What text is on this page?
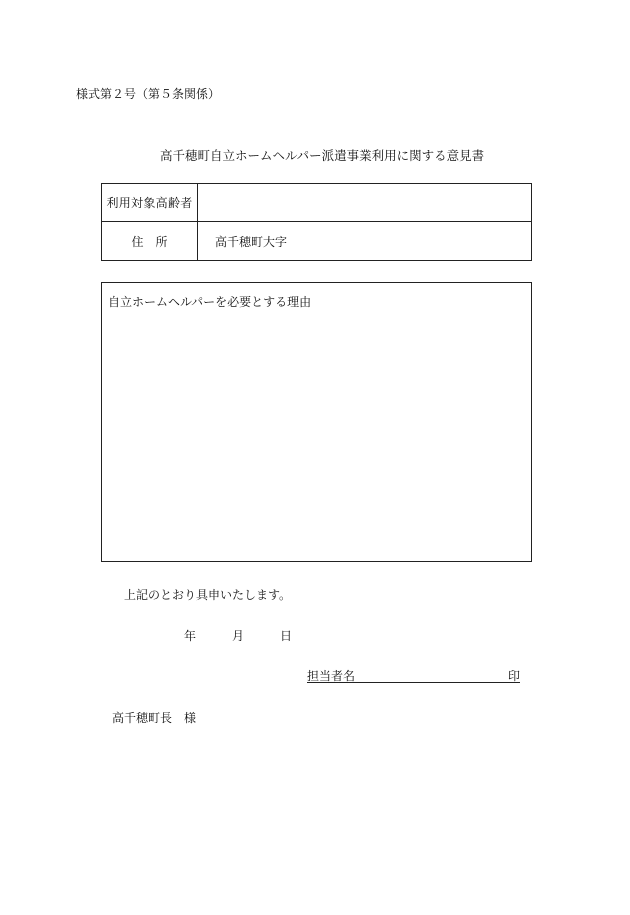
様式第２号（第５条関係）
高千穂町自立ホームヘルパー派遣事業利用に関する意見書
利用対象高齢者
住　所	高千穂町大字
自立ホームヘルパーを必要とする理由
上記のとおり具申いたします。
年	月	日
担当者名	印
高千穂町長　様
